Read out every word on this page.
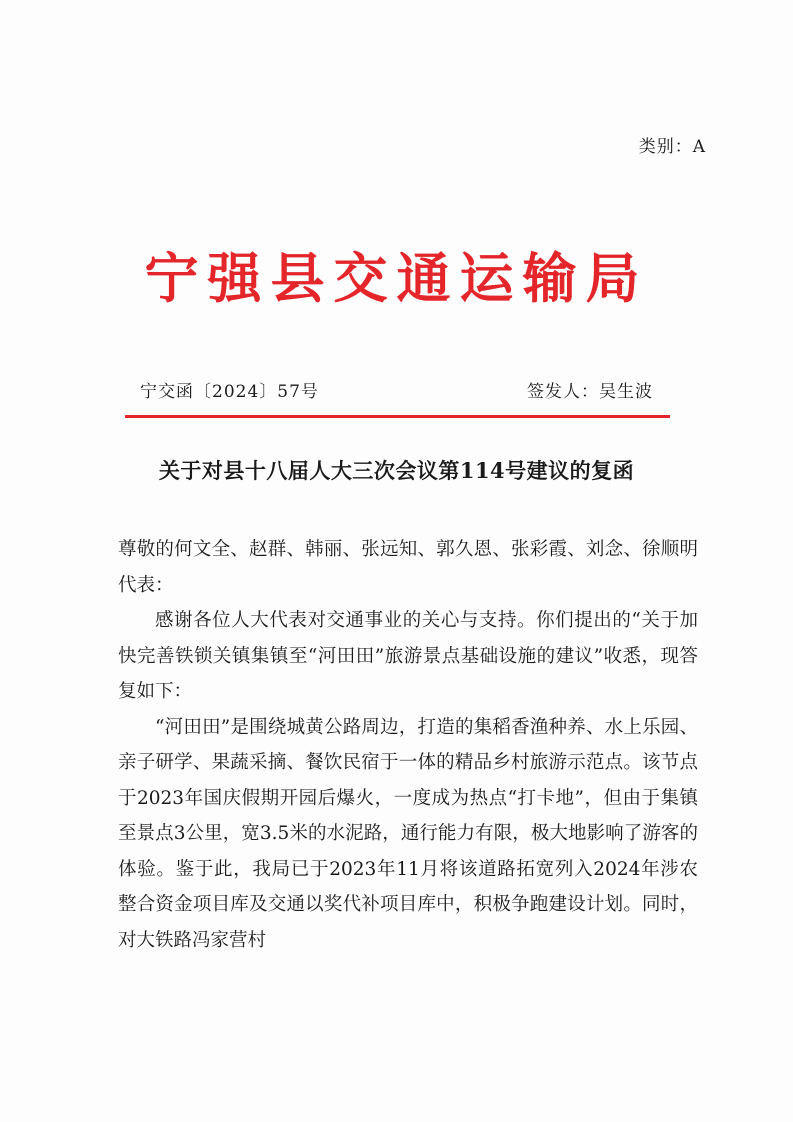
类别：A
宁强县交通运输局
宁交函〔2024〕57号	签发人：吴生波
关于对县十八届人大三次会议第114号建议的复函

尊敬的何文全、赵群、韩丽、张远知、郭久恩、张彩霞、刘念、徐顺明代表：

感谢各位人大代表对交通事业的关心与支持。你们提出的“关于加快完善铁锁关镇集镇至“河田田”旅游景点基础设施的建议”收悉，现答复如下：

“河田田”是围绕城黄公路周边，打造的集稻香渔种养、水上乐园、亲子研学、果蔬采摘、餐饮民宿于一体的精品乡村旅游示范点。该节点于2023年国庆假期开园后爆火，一度成为热点“打卡地”，但由于集镇至景点3公里，宽3.5米的水泥路，通行能力有限，极大地影响了游客的体验。鉴于此，我局已于2023年11月将该道路拓宽列入2024年涉农整合资金项目库及交通以奖代补项目库中，积极争跑建设计划。同时，对大铁路冯家营村
